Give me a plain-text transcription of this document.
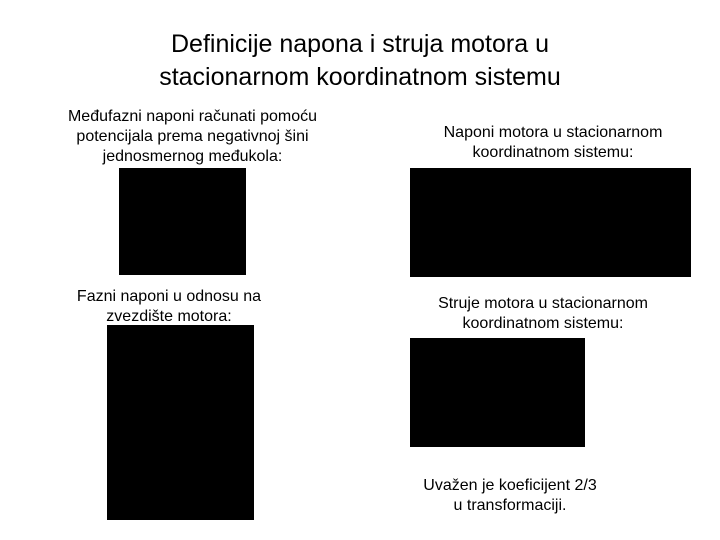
Definicije napona i struja motora u
stacionarnom koordinatnom sistemu
Međufazni naponi računati pomoću
potencijala prema negativnoj šini
jednosmernog međukola:
Fazni naponi u odnosu na
zvezdište motora:
Naponi motora u stacionarnom
koordinatnom sistemu:
Struje motora u stacionarnom
koordinatnom sistemu:
Uvažen je koeficijent 2/3
u transformaciji.
